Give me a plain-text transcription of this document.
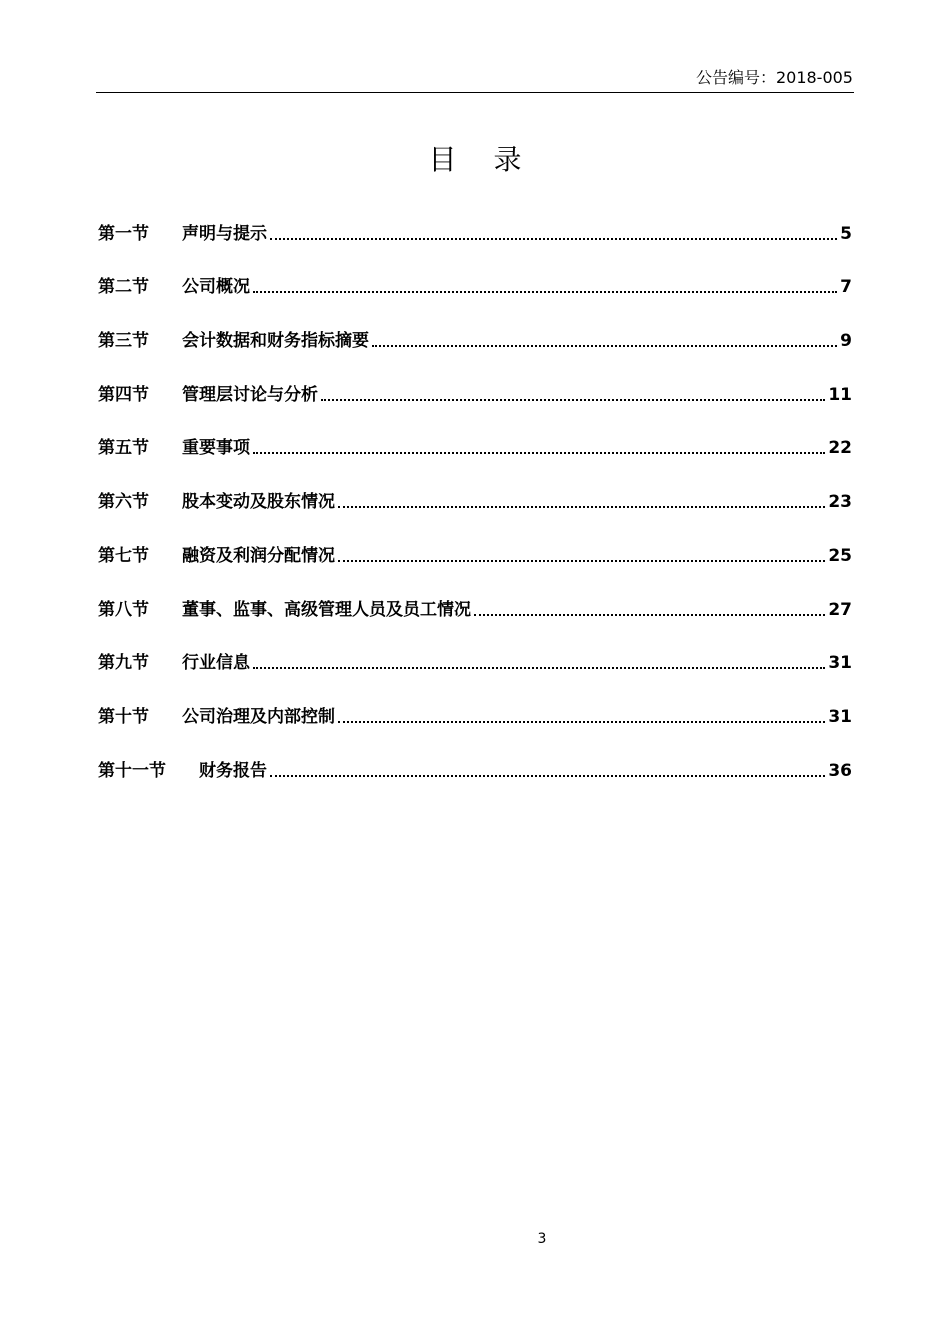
公告编号：2018-005
目 录
第一节	声明与提示	5
第二节	公司概况	7
第三节	会计数据和财务指标摘要	9
第四节	管理层讨论与分析	11
第五节	重要事项	22
第六节	股本变动及股东情况	23
第七节	融资及利润分配情况	25
第八节	董事、监事、高级管理人员及员工情况	27
第九节	行业信息	31
第十节	公司治理及内部控制	31
第十一节	财务报告	36
3
